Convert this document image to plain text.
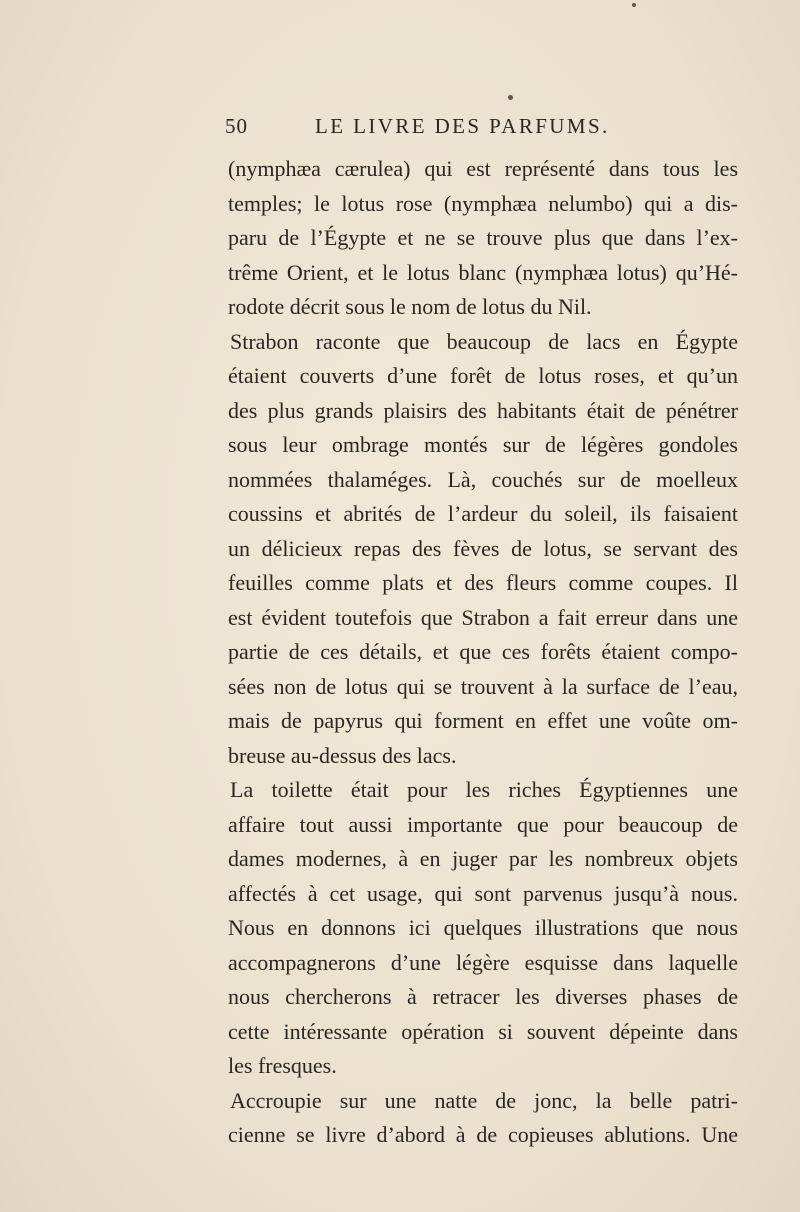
50	LE LIVRE DES PARFUMS.
(nymphæa cærulea) qui est représenté dans tous les
temples; le lotus rose (nymphæa nelumbo) qui a dis-
paru de l’Égypte et ne se trouve plus que dans l’ex-
trême Orient, et le lotus blanc (nymphæa lotus) qu’Hé-
rodote décrit sous le nom de lotus du Nil.
Strabon raconte que beaucoup de lacs en Égypte
étaient couverts d’une forêt de lotus roses, et qu’un
des plus grands plaisirs des habitants était de pénétrer
sous leur ombrage montés sur de légères gondoles
nommées thalaméges. Là, couchés sur de moelleux
coussins et abrités de l’ardeur du soleil, ils faisaient
un délicieux repas des fèves de lotus, se servant des
feuilles comme plats et des fleurs comme coupes. Il
est évident toutefois que Strabon a fait erreur dans une
partie de ces détails, et que ces forêts étaient compo-
sées non de lotus qui se trouvent à la surface de l’eau,
mais de papyrus qui forment en effet une voûte om-
breuse au-dessus des lacs.
La toilette était pour les riches Égyptiennes une
affaire tout aussi importante que pour beaucoup de
dames modernes, à en juger par les nombreux objets
affectés à cet usage, qui sont parvenus jusqu’à nous.
Nous en donnons ici quelques illustrations que nous
accompagnerons d’une légère esquisse dans laquelle
nous chercherons à retracer les diverses phases de
cette intéressante opération si souvent dépeinte dans
les fresques.
Accroupie sur une natte de jonc, la belle patri-
cienne se livre d’abord à de copieuses ablutions. Une
